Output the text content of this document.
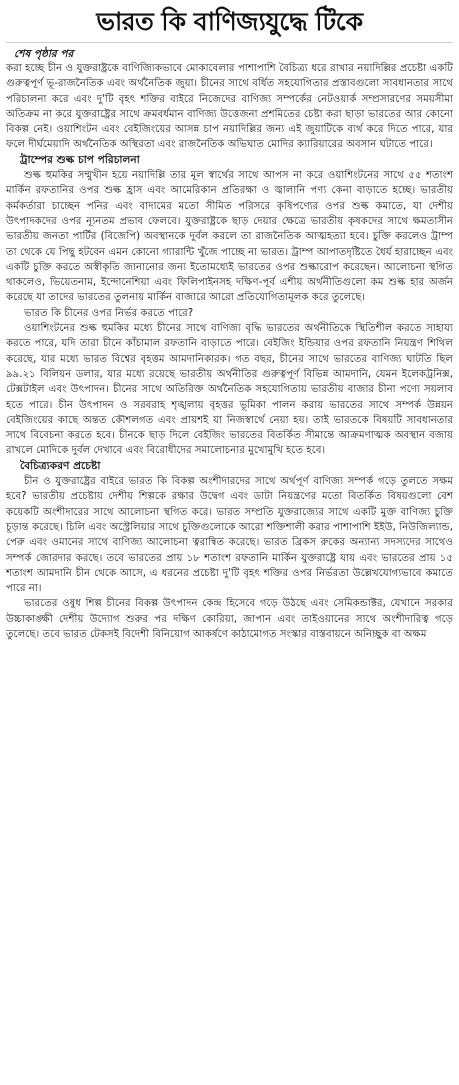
ভারত কি বাণিজ্যযুদ্ধে টিকে
শেষ পৃষ্ঠার পর

করা হচ্ছে চীন ও যুক্তরাষ্ট্রকে বাণিজ্যিকভাবে মোকাবেলার পাশাপাশি বৈচিত্র্য ধরে রাখার নয়াদিল্লির প্রচেষ্টা একটি গুরুত্বপূর্ণ ভূ-রাজনৈতিক এবং অর্থনৈতিক জুয়া। চীনের সাথে বর্ধিত সহযোগিতার প্রস্তাবগুলো সাবধানতার সাথে পরিচালনা করে এবং দু'টি বৃহৎ শক্তির বাইরে নিজেদের বাণিজ্য সম্পর্কের নেটওয়ার্ক সম্প্রসারণের সময়সীমা অতিক্রম না করে যুক্তরাষ্ট্রের সাথে ক্রমবর্ধমান বাণিজ্য উত্তেজনা প্রশমিতের চেষ্টা করা ছাড়া ভারতের আর কোনো বিকল্প নেই। ওয়াশিংটন এবং বেইজিংয়ের আসন্ন চাপ নয়াদিল্লির জন্য এই জুয়াটিকে ব্যর্থ করে দিতে পারে, যার ফলে দীর্ঘমেয়াদি অর্থনৈতিক অস্থিরতা এবং রাজনৈতিক অভিঘাত মোদির ক্যারিয়ারের অবসান ঘটাতে পারে।

ট্রাম্পের শুল্ক চাপ পরিচালনা

শুল্ক হুমকির সম্মুখীন হয়ে নয়াদিল্লি তার মূল স্বার্থের সাথে আপস না করে ওয়াশিংটনের সাথে ৫৫ শতাংশ মার্কিন রফতানির ওপর শুল্ক হ্রাস এবং আমেরিকান প্রতিরক্ষা ও জ্বালানি পণ্য কেনা বাড়াতে হচ্ছে। ভারতীয় কর্মকর্তারা চাচ্ছেন পনির এবং বাদামের মতো সীমিত পরিসরে কৃষিপণ্যের ওপর শুল্ক কমাতে, যা দেশীয় উৎপাদকদের ওপর ন্যূনতম প্রভাব ফেলবে। যুক্তরাষ্ট্রকে ছাড় দেয়ার ক্ষেত্রে ভারতীয় কৃষকদের সাথে ক্ষমতাসীন ভারতীয় জনতা পার্টির (বিজেপি) অবস্থানকে দুর্বল করলে তা রাজনৈতিক আত্মহত্যা হবে। চুক্তি করলেও ট্রাম্প তা থেকে যে পিছু হটবেন এমন কোনো গ্যারান্টি খুঁজে পাচ্ছে না ভারত। ট্রাম্প আপাতদৃষ্টিতে ধৈর্য হারাচ্ছেন এবং একটি চুক্তি করতে অস্বীকৃতি জানানোর জন্য ইতোমধ্যেই ভারতের ওপর শুল্কারোপ করেছেন। আলোচনা স্থগিত থাকলেও, ভিয়েতনাম, ইন্দোনেশিয়া এবং ফিলিপাইনসহ দক্ষিণ-পূর্ব এশীয় অর্থনীতিগুলো কম শুল্ক হার অর্জন করেছে যা তাদের ভারতের তুলনায় মার্কিন বাজারে আরো প্রতিযোগিতামূলক করে তুলেছে।

ভারত কি চীনের ওপর নির্ভর করতে পারে?

ওয়াশিংটনের শুল্ক হুমকির মধ্যে চীনের সাথে বাণিজ্য বৃদ্ধি ভারতের অর্থনীতিকে স্থিতিশীল করতে সাহায্য করতে পারে, যদি তারা চীনে কাঁচামাল রফতানি বাড়াতে পারে। বেইজিং ইন্ডিয়ার ওপর রফতানি নিয়ন্ত্রণ শিথিল করেছে, যার মধ্যে ভারত বিশ্বের বৃহত্তম আমদানিকারক। গত বছর, চীনের সাথে ভারতের বাণিজ্য ঘাটতি ছিল ৯৯.২১ বিলিয়ন ডলার, যার মধ্যে রয়েছে ভারতীয় অর্থনীতির গুরুত্বপূর্ণ বিভিন্ন আমদানি, যেমন ইলেকট্রনিক্স, টেক্সটাইল এবং উৎপাদন। চীনের সাথে অতিরিক্ত অর্থনৈতিক সহযোগিতায় ভারতীয় বাজার চীনা পণ্যে সয়লাব হতে পারে। চীন উৎপাদন ও সরবরাহ শৃঙ্খলায় বৃহত্তর ভূমিকা পালন করায় ভারতের সাথে সম্পর্ক উন্নয়ন বেইজিংয়ের কাছে অন্তত কৌশলগত এবং প্রায়শই যা নিজস্বার্থে নেয়া হয়। তাই ভারতকে বিষয়টি সাবধানতার সাথে বিবেচনা করতে হবে। চীনকে ছাড় দিলে বেইজিং ভারতের বিতর্কিত সীমান্তে আক্রমণাত্মক অবস্থান বজায় রাখলে মোদিকে দুর্বল দেখাবে এবং বিরোধীদের সমালোচনার মুখোমুখি হতে হবে।

বৈচিত্র্যকরণ প্রচেষ্টা

চীন ও যুক্তরাষ্ট্রের বাইরে ভারত কি বিকল্প অংশীদারদের সাথে অর্থপূর্ণ বাণিজ্য সম্পর্ক গড়ে তুলতে সক্ষম হবে? ভারতীয় প্রচেষ্টায় দেশীয় শিল্পকে রক্ষার উদ্বেগ এবং ডাটা নিয়ন্ত্রণের মতো বিতর্কিত বিষয়গুলো বেশ কয়েকটি অংশীদারের সাথে আলোচনা স্থগিত করে। ভারত সম্প্রতি যুক্তরাজ্যের সাথে একটি মুক্ত বাণিজ্য চুক্তি চূড়ান্ত করেছে। চিলি এবং অস্ট্রেলিয়ার সাথে চুক্তিগুলোকে আরো শক্তিশালী করার পাশাপাশি ইইউ, নিউজিল্যান্ড, পেরু এবং ওমানের সাথে বাণিজ্য আলোচনা ত্বরান্বিত করেছে। ভারত ব্রিকস রুকের অন্যান্য সদস্যদের সাথেও সম্পর্ক জোরদার করছে। তবে ভারতের প্রায় ১৮ শতাংশ রফতানি মার্কিন যুক্তরাষ্ট্রে যায় এবং ভারতের প্রায় ১৫ শতাংশ আমদানি চীন থেকে আসে, এ ধরনের প্রচেষ্টা দু'টি বৃহৎ শক্তির ওপর নির্ভরতা উল্লেখযোগ্যভাবে কমাতে পারে না।

ভারতের ওষুধ শিল্প চীনের বিকল্প উৎপাদন কেন্দ্র হিসেবে গড়ে উঠছে এবং সেমিকন্ডাক্টর, যেখানে সরকার উচ্চাকাঙ্ক্ষী দেশীয় উদ্যোগ শুরুর পর দক্ষিণ কোরিয়া, জাপান এবং তাইওয়ানের সাথে অংশীদারিত্ব গড়ে তুলেছে। তবে ভারত টেকসই বিদেশী বিনিয়োগ আকর্ষণে কাঠামোগত সংস্কার বাস্তবায়নে অনিচ্ছুক বা অক্ষম
